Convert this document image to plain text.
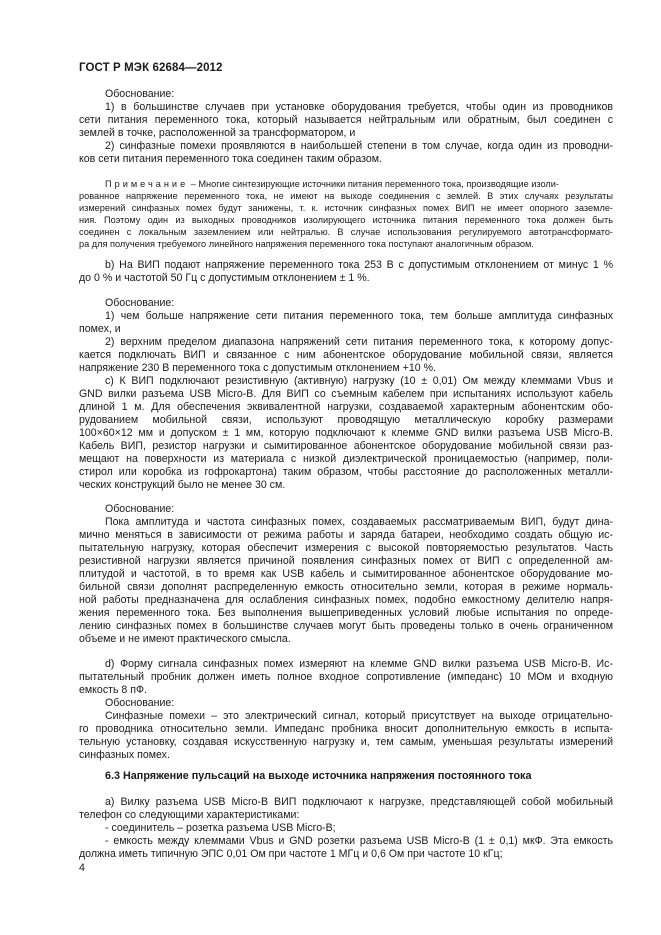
ГОСТ Р МЭК 62684—2012
Обоснование:
1) в большинстве случаев при установке оборудования требуется, чтобы один из проводников
сети питания переменного тока, который называется нейтральным или обратным, был соединен с
землей в точке, расположенной за трансформатором, и
2) синфазные помехи проявляются в наибольшей степени в том случае, когда один из проводни-
ков сети питания переменного тока соединен таким образом.
Примечание – Многие синтезирующие источники питания переменного тока, производящие изоли-
рованное напряжение переменного тока, не имеют на выходе соединения с землей. В этих случаях результаты
измерений синфазных помех будут занижены, т. к. источник синфазных помех ВИП не имеет опорного заземле-
ния. Поэтому один из выходных проводников изолирующего источника питания переменного тока должен быть
соединен с локальным заземлением или нейтралью. В случае использования регулируемого автотрансформато-
ра для получения требуемого линейного напряжения переменного тока поступают аналогичным образом.
b) На ВИП подают напряжение переменного тока 253 В с допустимым отклонением от минус 1 %
до 0 % и частотой 50 Гц с допустимым отклонением ± 1 %.
Обоснование:
1) чем больше напряжение сети питания переменного тока, тем больше амплитуда синфазных
помех, и
2) верхним пределом диапазона напряжений сети питания переменного тока, к которому допус-
кается подключать ВИП и связанное с ним абонентское оборудование мобильной связи, является
напряжение 230 В переменного тока с допустимым отклонением +10 %.
c) К ВИП подключают резистивную (активную) нагрузку (10 ± 0,01) Ом между клеммами Vbus и
GND вилки разъема USB Micro-B. Для ВИП со съемным кабелем при испытаниях используют кабель
длиной 1 м. Для обеспечения эквивалентной нагрузки, создаваемой характерным абонентским обо-
рудованием мобильной связи, используют проводящую металлическую коробку размерами
100×60×12 мм и допуском ± 1 мм, которую подключают к клемме GND вилки разъема USB Micro-B.
Кабель ВИП, резистор нагрузки и сымитированное абонентское оборудование мобильной связи раз-
мещают на поверхности из материала с низкой диэлектрической проницаемостью (например, поли-
стирол или коробка из гофрокартона) таким образом, чтобы расстояние до расположенных металли-
ческих конструкций было не менее 30 см.
Обоснование:
Пока амплитуда и частота синфазных помех, создаваемых рассматриваемым ВИП, будут дина-
мично меняться в зависимости от режима работы и заряда батареи, необходимо создать общую ис-
пытательную нагрузку, которая обеспечит измерения с высокой повторяемостью результатов. Часть
резистивной нагрузки является причиной появления синфазных помех от ВИП с определенной ам-
плитудой и частотой, в то время как USB кабель и сымитированное абонентское оборудование мо-
бильной связи дополнят распределенную емкость относительно земли, которая в режиме нормаль-
ной работы предназначена для ослабления синфазных помех, подобно емкостному делителю напря-
жения переменного тока. Без выполнения вышеприведенных условий любые испытания по опреде-
лению синфазных помех в большинстве случаев могут быть проведены только в очень ограниченном
объеме и не имеют практического смысла.
d) Форму сигнала синфазных помех измеряют на клемме GND вилки разъема USB Micro-B. Ис-
пытательный пробник должен иметь полное входное сопротивление (импеданс) 10 МОм и входную
емкость 8 пФ.
Обоснование:
Синфазные помехи – это электрический сигнал, который присутствует на выходе отрицательно-
го проводника относительно земли. Импеданс пробника вносит дополнительную емкость в испыта-
тельную установку, создавая искусственную нагрузку и, тем самым, уменьшая результаты измерений
синфазных помех.
6.3 Напряжение пульсаций на выходе источника напряжения постоянного тока
а) Вилку разъема USB Micro-B ВИП подключают к нагрузке, представляющей собой мобильный
телефон со следующими характеристиками:
- соединитель – розетка разъема USB Micro-B;
- емкость между клеммами Vbus и GND розетки разъема USB Micro-B (1 ± 0,1) мкФ. Эта емкость
должна иметь типичную ЭПС 0,01 Ом при частоте 1 МГц и 0,6 Ом при частоте 10 кГц;
4
